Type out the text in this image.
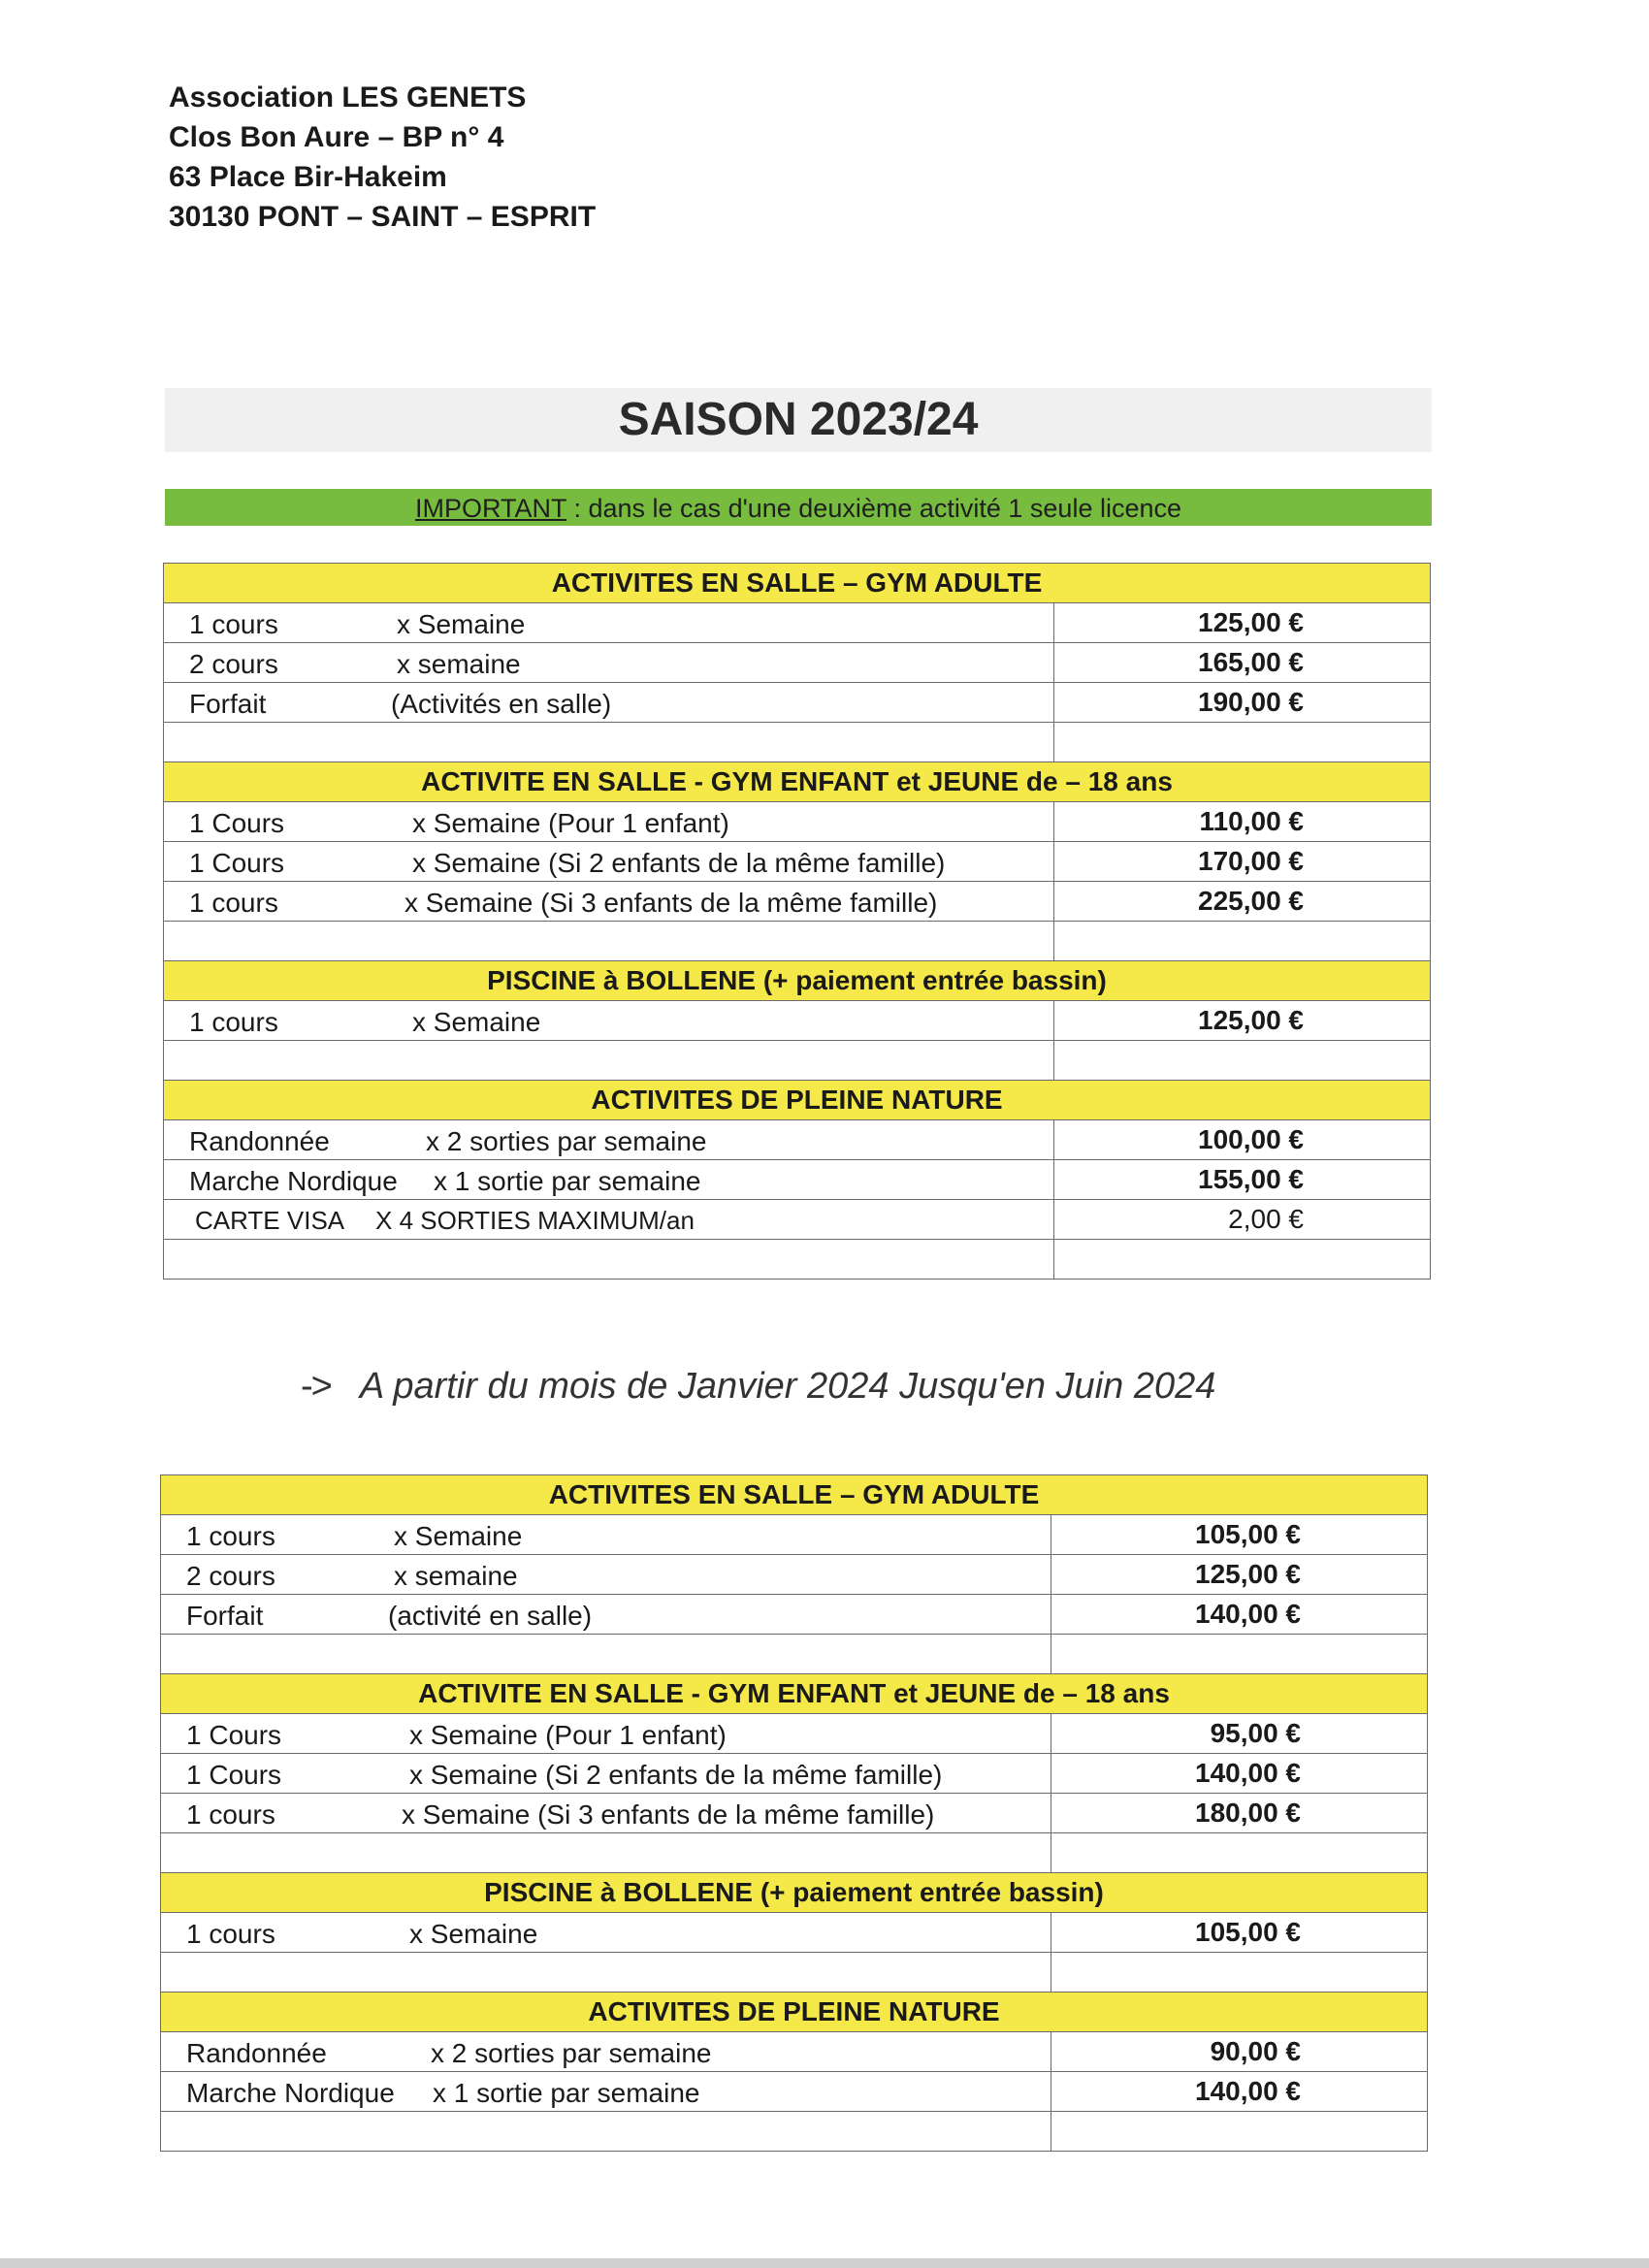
Association LES GENETS
Clos Bon Aure – BP n° 4
63 Place Bir-Hakeim
30130 PONT – SAINT – ESPRIT
SAISON 2023/24
IMPORTANT : dans le cas d'une deuxième activité 1 seule licence
ACTIVITES EN SALLE – GYM ADULTE	

1 cours x Semaine	125,00 €

2 cours x semaine	165,00 €

Forfait (Activités en salle)	190,00 €

ACTIVITE EN SALLE - GYM ENFANT et JEUNE de – 18 ans	

1 Cours x Semaine (Pour 1 enfant)	110,00 €

1 Cours x Semaine (Si 2 enfants de la même famille)	170,00 €

1 cours x Semaine (Si 3 enfants de la même famille)	225,00 €

PISCINE à BOLLENE (+ paiement entrée bassin)	

1 cours x Semaine	125,00 €

ACTIVITES DE PLEINE NATURE	

Randonnée x 2 sorties par semaine	100,00 €

Marche Nordique x 1 sortie par semaine	155,00 €

CARTE VISA X 4 SORTIES MAXIMUM/an	2,00 €

-> A partir du mois de Janvier 2024 Jusqu'en Juin 2024
ACTIVITES EN SALLE – GYM ADULTE	

1 cours x Semaine	105,00 €

2 cours x semaine	125,00 €

Forfait (activité en salle)	140,00 €

ACTIVITE EN SALLE - GYM ENFANT et JEUNE de – 18 ans	

1 Cours x Semaine (Pour 1 enfant)	95,00 €

1 Cours x Semaine (Si 2 enfants de la même famille)	140,00 €

1 cours x Semaine (Si 3 enfants de la même famille)	180,00 €

PISCINE à BOLLENE (+ paiement entrée bassin)	

1 cours x Semaine	105,00 €

ACTIVITES DE PLEINE NATURE	

Randonnée x 2 sorties par semaine	90,00 €

Marche Nordique x 1 sortie par semaine	140,00 €
